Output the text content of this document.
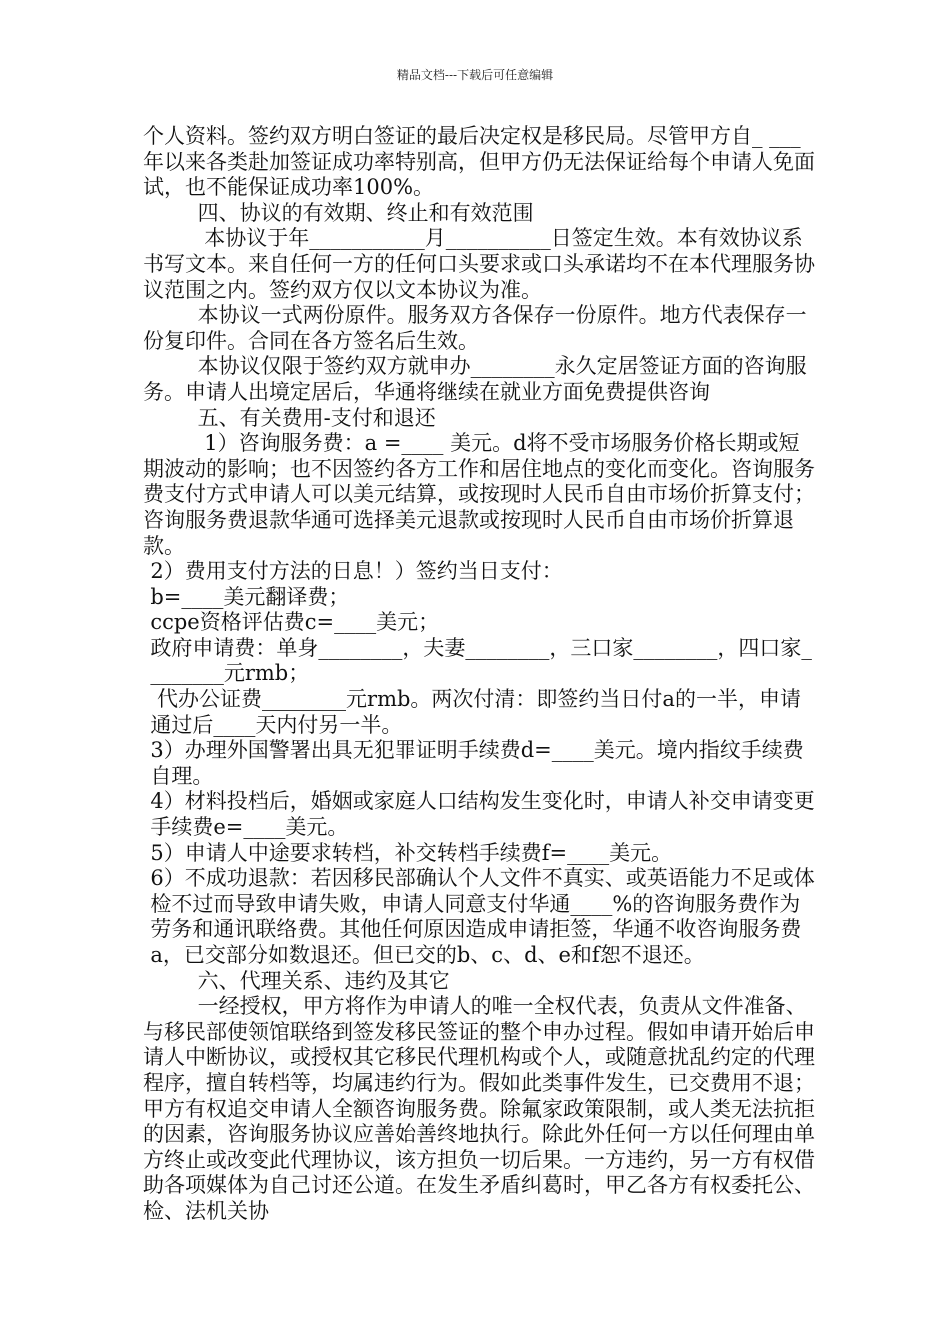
精品文档---下载后可任意编辑

个人资料。签约双方明白签证的最后决定权是移民局。尽管甲方自_ ___年以来各类赴加签证成功率特别高，但甲方仍无法保证给每个申请人免面试，也不能保证成功率100%。

四、协议的有效期、终止和有效范围

本协议于年___________月__________日签定生效。本有效协议系书写文本。来自任何一方的任何口头要求或口头承诺均不在本代理服务协议范围之内。签约双方仅以文本协议为准。

本协议一式两份原件。服务双方各保存一份原件。地方代表保存一份复印件。合同在各方签名后生效。

本协议仅限于签约双方就申办________永久定居签证方面的咨询服务。申请人出境定居后，华通将继续在就业方面免费提供咨询

五、有关费用-支付和退还

1）咨询服务费：a =____ 美元。d将不受市场服务价格长期或短期波动的影响；也不因签约各方工作和居住地点的变化而变化。咨询服务费支付方式申请人可以美元结算，或按现时人民币自由市场价折算支付；咨询服务费退款华通可选择美元退款或按现时人民币自由市场价折算退款。

2）费用支付方法的日息！）签约当日支付：

b=____美元翻译费；

ccpe资格评估费c=____美元；

政府申请费：单身________，夫妻________，三口家________，四口家________元rmb；

代办公证费________元rmb。两次付清：即签约当日付a的一半，申请通过后____天内付另一半。

3）办理外国警署出具无犯罪证明手续费d=____美元。境内指纹手续费自理。

4）材料投档后，婚姻或家庭人口结构发生变化时，申请人补交申请变更手续费e=____美元。

5）申请人中途要求转档，补交转档手续费f=____美元。

6）不成功退款：若因移民部确认个人文件不真实、或英语能力不足或体检不过而导致申请失败，申请人同意支付华通____%的咨询服务费作为劳务和通讯联络费。其他任何原因造成申请拒签，华通不收咨询服务费a，已交部分如数退还。但已交的b、c、d、e和f恕不退还。

六、代理关系、违约及其它

一经授权，甲方将作为申请人的唯一全权代表，负责从文件准备、与移民部使领馆联络到签发移民签证的整个申办过程。假如申请开始后申请人中断协议，或授权其它移民代理机构或个人，或随意扰乱约定的代理程序，擅自转档等，均属违约行为。假如此类事件发生，已交费用不退；甲方有权追交申请人全额咨询服务费。除氟家政策限制，或人类无法抗拒的因素，咨询服务协议应善始善终地执行。除此外任何一方以任何理由单方终止或改变此代理协议，该方担负一切后果。一方违约，另一方有权借助各项媒体为自己讨还公道。在发生矛盾纠葛时，甲乙各方有权委托公、检、法机关协
